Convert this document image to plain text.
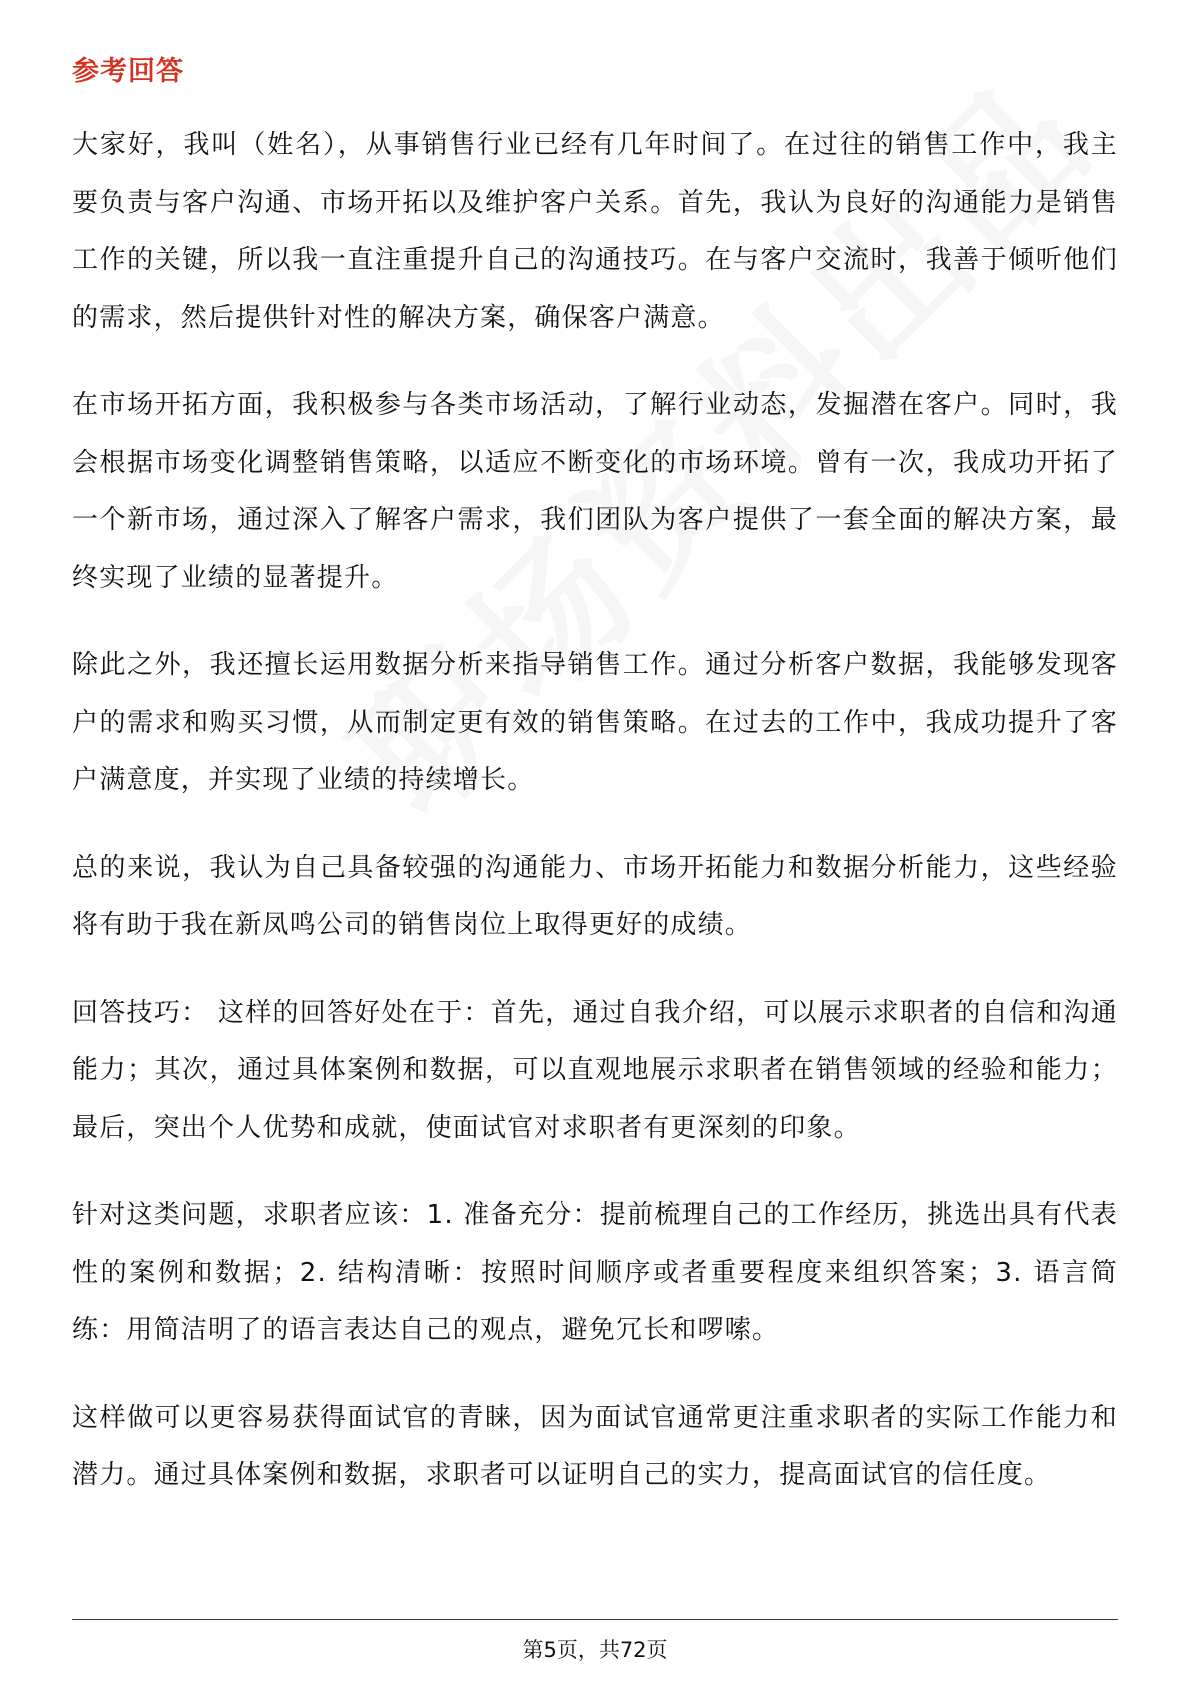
参考回答

大家好，我叫（姓名），从事销售行业已经有几年时间了。在过往的销售工作中，我主要负责与客户沟通、市场开拓以及维护客户关系。首先，我认为良好的沟通能力是销售工作的关键，所以我一直注重提升自己的沟通技巧。在与客户交流时，我善于倾听他们的需求，然后提供针对性的解决方案，确保客户满意。

在市场开拓方面，我积极参与各类市场活动，了解行业动态，发掘潜在客户。同时，我会根据市场变化调整销售策略，以适应不断变化的市场环境。曾有一次，我成功开拓了一个新市场，通过深入了解客户需求，我们团队为客户提供了一套全面的解决方案，最终实现了业绩的显著提升。

除此之外，我还擅长运用数据分析来指导销售工作。通过分析客户数据，我能够发现客户的需求和购买习惯，从而制定更有效的销售策略。在过去的工作中，我成功提升了客户满意度，并实现了业绩的持续增长。

总的来说，我认为自己具备较强的沟通能力、市场开拓能力和数据分析能力，这些经验将有助于我在新凤鸣公司的销售岗位上取得更好的成绩。

回答技巧： 这样的回答好处在于：首先，通过自我介绍，可以展示求职者的自信和沟通能力；其次，通过具体案例和数据，可以直观地展示求职者在销售领域的经验和能力；最后，突出个人优势和成就，使面试官对求职者有更深刻的印象。

针对这类问题，求职者应该：1. 准备充分：提前梳理自己的工作经历，挑选出具有代表性的案例和数据；2. 结构清晰：按照时间顺序或者重要程度来组织答案；3. 语言简练：用简洁明了的语言表达自己的观点，避免冗长和啰嗦。

这样做可以更容易获得面试官的青睐，因为面试官通常更注重求职者的实际工作能力和潜力。通过具体案例和数据，求职者可以证明自己的实力，提高面试官的信任度。

第5页，共72页
